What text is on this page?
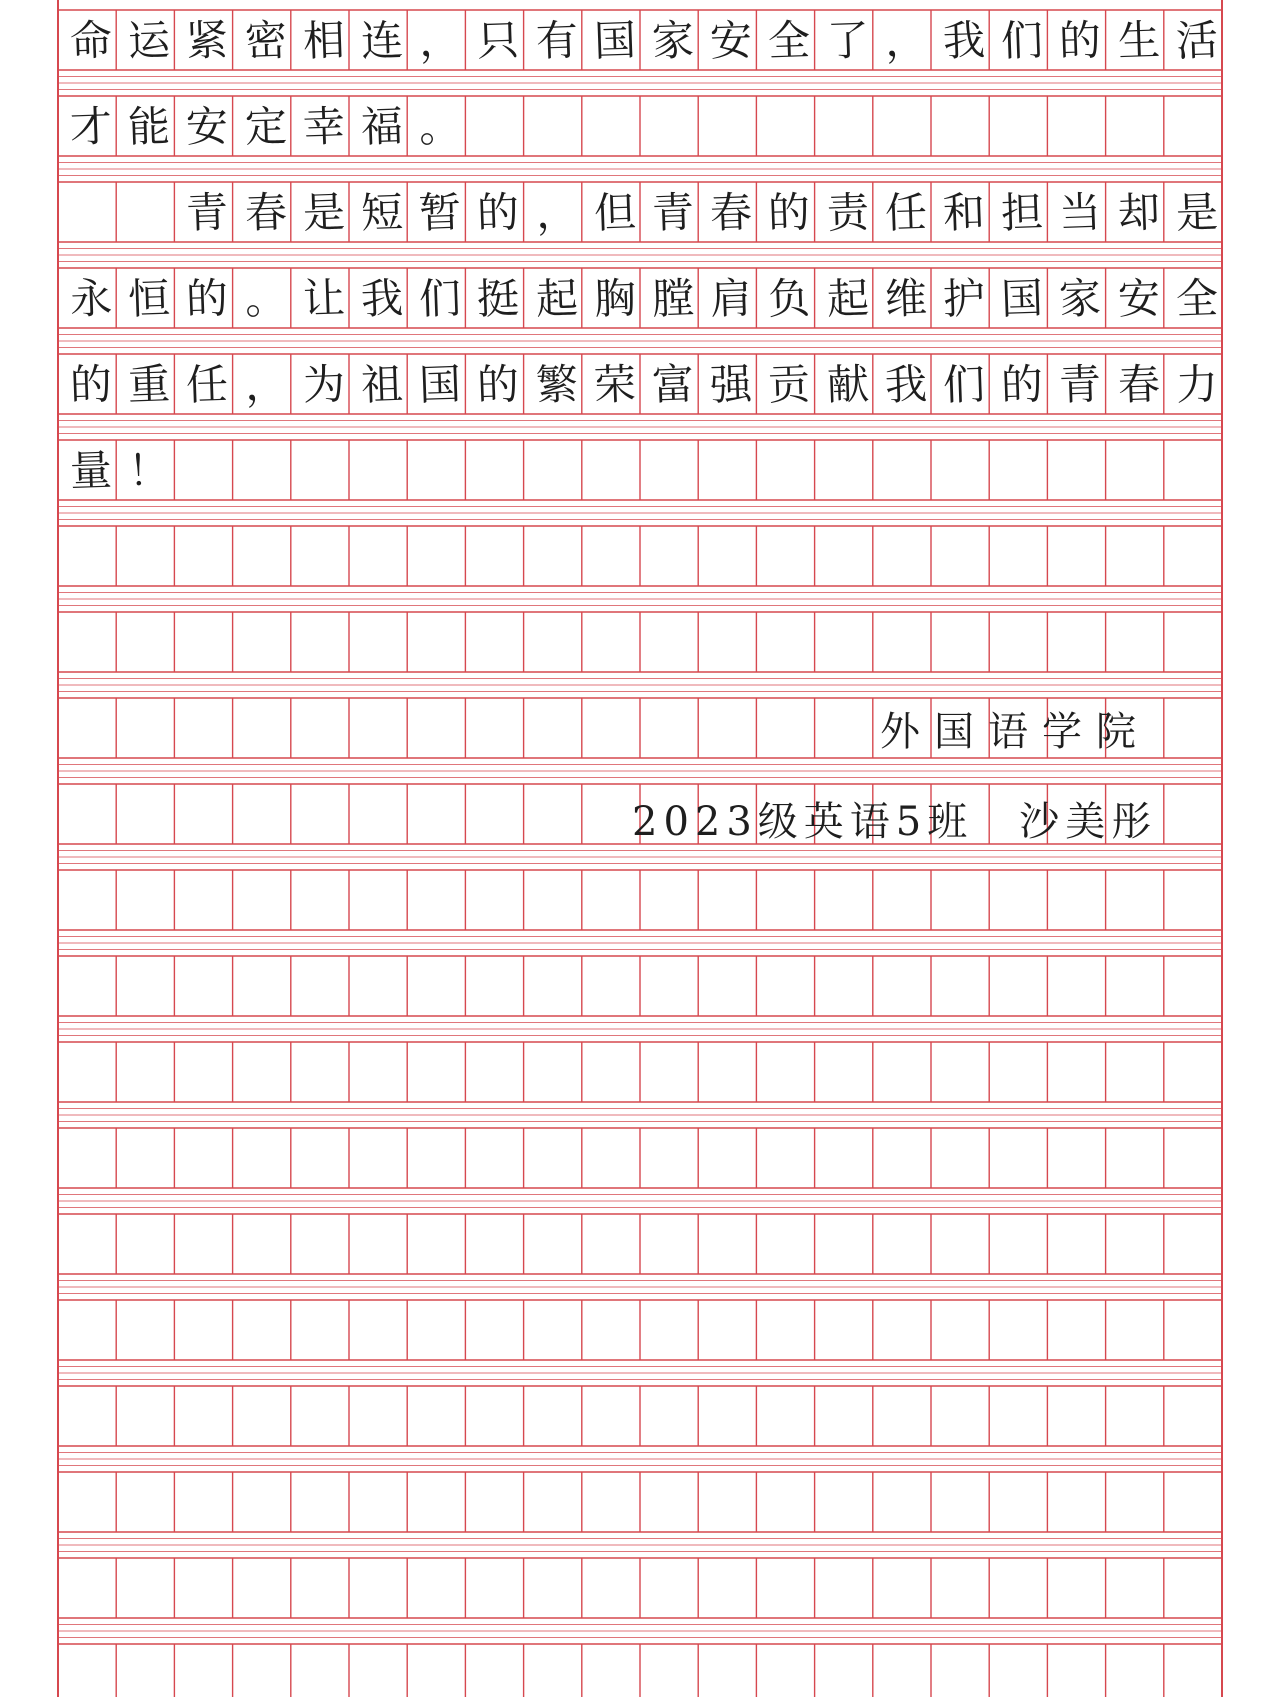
命 运 紧 密 相 连 ， 只 有 国 家 安 全 了 ， 我 们 的 生 活
才 能 安 定 幸 福 。
青 春 是 短 暂 的 ， 但 青 春 的 责 任 和 担 当 却 是
永 恒 的 。 让 我 们 挺 起 胸 膛 肩 负 起 维 护 国 家 安 全
的 重 任 ， 为 祖 国 的 繁 荣 富 强 贡 献 我 们 的 青 春 力
量 ！
外国语学院
2023级英语5班　沙美彤
